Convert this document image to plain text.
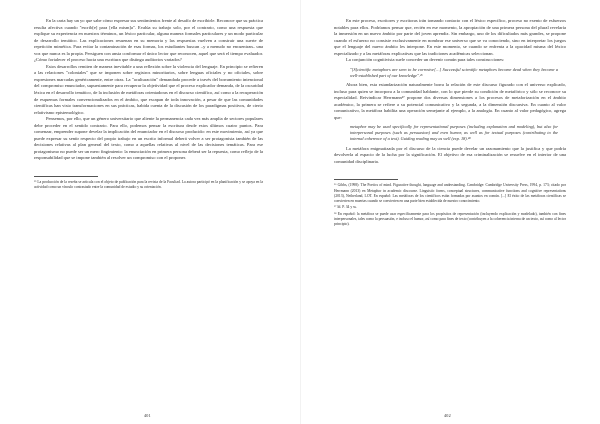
En la carta hay un yo que sabe cómo expresar sus sentimientos frente al desafío de escribirle. Reconoce que su práctica resulta afectiva cuando "escrib[e] para [ella mism]a". Evalúa su trabajo solo, por el contrario, como una respuesta que explique su experiencia en nuestros términos, un léxico particular, alguna manera formales particulares y un modo particular de desarrollo temático. Las explicaciones resuenan en su memoria y las respuestas vuelven a construir una suerte de repetición mimética. Para evitar la contaminación de esas formas, los estudiantes buscan –y a menudo no encuentran– una voz que nunca es la propia. Persiguen con ansia conformar el único lector que reconocen, aquel que será el tiempo evaluador. ¿Cómo fortalecer el proceso hacia una escritura que distinga auditorios variados?

Estos desarrollos remiten de manera inevitable a una reflexión sobre la violencia del lenguaje. En principio se refieren a las relaciones "coloniales" que se imponen sobre registros minoritarios, sobre lenguas oficiales y no oficiales, sobre expresiones marcadas genéricamente, entre otras. La "aculturación" demandada procede a través del borramiento intencional del compromiso enunciador, supuestamente para recuperar la objetividad que el proceso explicador demanda, de la oscuridad léxica en el desarrollo temático, de la inclusión de metáforas orientadoras en el discurso científico, así como a la recuperación de esquemas formales convencionalizados en el ámbito, que escapan de toda innovación, a pesar de que las comunidades científicas han visto transformaciones en sus prácticas, habida cuenta de la discusión de los paradigmas positivos, de cierto relativismo epistemológico.

Pensemos, por ello, que un género universitario que aliente la permanencia cada vez más amplia de sectores populares debe proceder en el sentido contrario. Para ello, podemos pensar la escritura desde estos últimos cuatro puntos. Para comenzar, emprender supone develar la implicación del enunciador en el discurso producido: en este movimiento, así ya que puede expresar su sentir respecto del propio trabajo en un escrito informal deberá volver a ser protagonista también de las decisiones relativas al plan general del texto, como a aquellas relativas al nivel de las decisiones temáticas. Para ese protagonismo no puede ser un mero fingimiento: la enunciación en primera persona deberá ser la repuesta, como reflejo de la responsabilidad que se impone también al resolver un compromiso con el proponer.

²⁵ La producción de la reseña se articula con el objeto de publicación para la revista de la Facultad. La autora participó en la planificación y se apoya en la actividad como un vínculo contrastado entre la comunidad de estudio y su orientación.

401

En este proceso, escritores y escritoras irán tomando contacto con el léxico específico, proceso no exento de esfuerzos notables para ellos. Podríamos pensar que, recién en ese momento, la apropiación de una primera persona del plural revelaría la inmersión en un nuevo ámbito por parte del joven aprendiz. Sin embargo, uno de los dificultados más grandes, se propone cuando el esfuerzo no consiste exclusivamente en nombrar ese universo que se va conociendo, sino en interpretar los juegos que el lenguaje del nuevo ámbito les interpone. En este momento, se cuando se enfrenta a la opacidad misma del léxico especializado y a las metáforas explicativas que las tradiciones académicas seleccionan.

La conjunción cognitivista suele conceder un devenir común para tales construcciones:

"[S]cientific metaphors are seen to be corrosive[…] Successful scientific metaphors become dead when they become a well-established part of our knowledge".²⁶

Ahora bien, esta estandarización naturalmente borra la relación de este discurso figurado con el universo explicado, incluso para quien se incorpora a la comunidad hablante, con lo que pierde su condición de metafórico y sólo se reconoce su especialidad. Reivindicar Herrmann²⁷ propone dos diversas dimensiones a los procesos de metaforización en el ámbito académico, la primera se refiere a su potencial comunicativo y la segunda, a la dimensión discursiva. En cuanto al valor comunicativo, la metáfora habilita una operación semejante al ejemplo, a la analogía. En cuanto al valor pedagógico, agrega que:

metaphor may be used specifically for representational purposes (including explanation and modeling), but also for interpersonal purposes (such as persuasion) and even humor, as well as for textual purposes (contributing to the internal coherence of a text). Guiding reading may as well (exp. 18).²⁸

La metáfora enigmatizada por el discurso de la ciencia puede develar un razonamiento que la justifica y que podría devolverla al espacio de la lucha por la significación. El objetivo de esa criminalización se resuelve en el interior de una comunidad disciplinaria.

²⁶ Gibbs, (1998): The Poetics of mind. Figurative thought, language and understanding. Cambridge: Cambridge University Press, 1994, p. 173; citado por Herrmann (2013) en Metaphor in academic discourse. Linguistic forms, conceptual structures, communicative functions and cognitive representations (2013), Netherland, LOT. En español: Las metáforas de los científicos están formadas por asuntos en común. [...] El éxito de las metáforas científicas se convierten en muertas cuando se convierten en una parte bien establecida de nuestro conocimiento.

²⁷ Id. P. 34 y ss.

²⁸ En español: la metáfora se puede usar específicamente para los propósitos de representación (incluyendo explicación y modelado), también con fines interpersonales, tales como la persuasión, e incluso el humor, así como para fines de texto (contribuyen a la coherencia interna de un texto, así como al lector principio).

402
